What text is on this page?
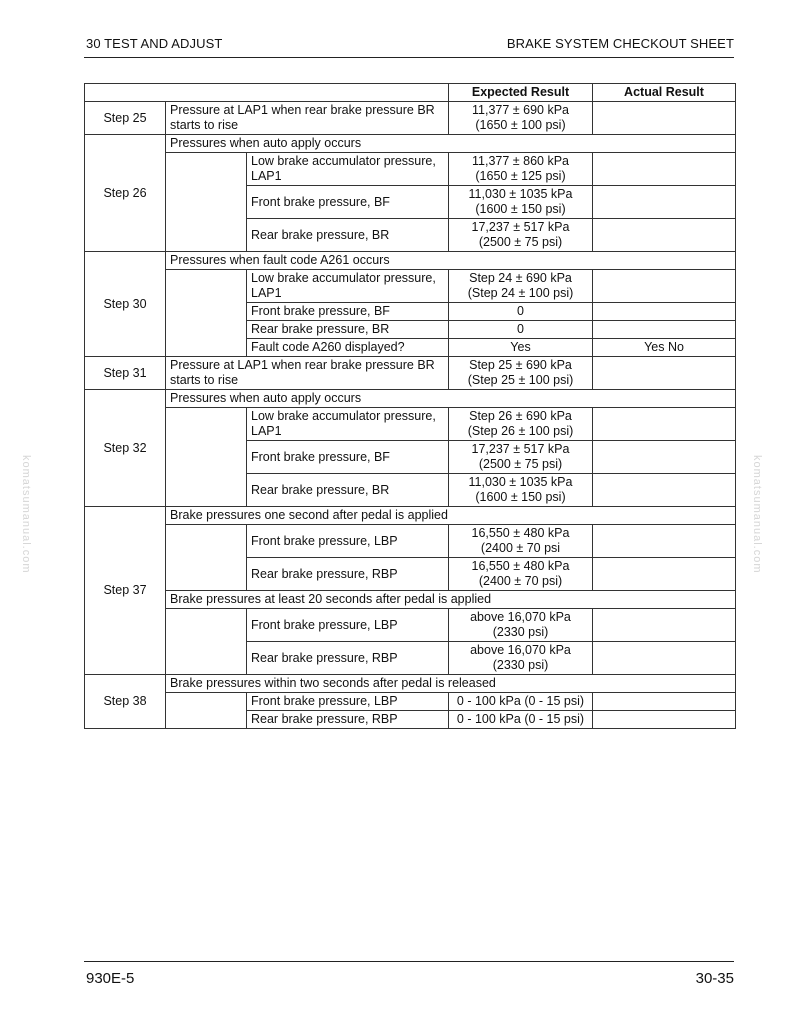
30 TEST AND ADJUST	BRAKE SYSTEM CHECKOUT SHEET
komatsumanual.com	komatsumanual.com
			Expected Result	Actual Result
Step 25	Pressure at LAP1 when rear brake pressure BR starts to rise		11,377 ± 690 kPa
(1650 ± 100 psi)	

Step 26	Pressures when auto apply occurs			
		Low brake accumulator pressure, LAP1	11,377 ± 860 kPa
(1650 ± 125 psi)	

		Front brake pressure, BF	11,030 ± 1035 kPa
(1600 ± 150 psi)	

		Rear brake pressure, BR	17,237 ± 517 kPa
(2500 ± 75 psi)	

Step 30	Pressures when fault code A261 occurs			
		Low brake accumulator pressure, LAP1	Step 24 ± 690 kPa
(Step 24 ± 100 psi)	

		Front brake pressure, BF	0	
		Rear brake pressure, BR	0	
		Fault code A260 displayed?	Yes	Yes No
Step 31	Pressure at LAP1 when rear brake pressure BR starts to rise		Step 25 ± 690 kPa
(Step 25 ± 100 psi)	

Step 32	Pressures when auto apply occurs			
		Low brake accumulator pressure, LAP1	Step 26 ± 690 kPa
(Step 26 ± 100 psi)	

		Front brake pressure, BF	17,237 ± 517 kPa
(2500 ± 75 psi)	

		Rear brake pressure, BR	11,030 ± 1035 kPa
(1600 ± 150 psi)	

Step 37	Brake pressures one second after pedal is applied			
		Front brake pressure, LBP	16,550 ± 480 kPa
(2400 ± 70 psi	

		Rear brake pressure, RBP	16,550 ± 480 kPa
(2400 ± 70 psi)	

	Brake pressures at least 20 seconds after pedal is applied			
		Front brake pressure, LBP	above 16,070 kPa
(2330 psi)	

		Rear brake pressure, RBP	above 16,070 kPa
(2330 psi)	

Step 38	Brake pressures within two seconds after pedal is released			
		Front brake pressure, LBP	0 - 100 kPa (0 - 15 psi)	
		Rear brake pressure, RBP	0 - 100 kPa (0 - 15 psi)	
930E-5	30-35
